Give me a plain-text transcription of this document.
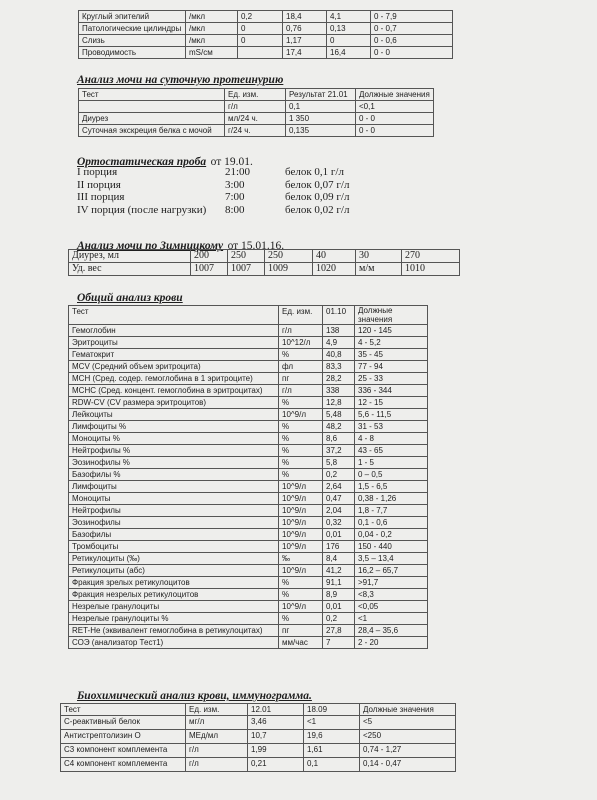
Круглый эпителий	/мкл	0,2	18,4	4,1	0 - 7,9
Патологические цилиндры	/мкл	0	0,76	0,13	0 - 0,7
Слизь	/мкл	0	1,17	0	0 - 0,6
Проводимость	mS/см		17,4	16,4	0 - 0
Анализ мочи на суточную протеинурию
Тест	Ед. изм.	Результат 21.01	Должные значения
	г/л	0,1	<0,1
Диурез	мл/24 ч.	1 350	0 - 0
Суточная экскреция белка с мочой	г/24 ч.	0,135	0 - 0
Ортостатическая проба от 19.01.
I порция	21:00	белок 0,1 г/л
II порция	3:00	белок 0,07 г/л
III порция	7:00	белок 0,09 г/л
IV порция (после нагрузки)	8:00	белок 0,02 г/л
Анализ мочи по Зимницкому от 15.01.16.
Диурез, мл	200	250	250	40	30	270
Уд. вес	1007	1007	1009	1020	м/м	1010
Общий анализ крови
Тест	Ед. изм.	01.10	Должные значения
Гемоглобин	г/л	138	120 - 145
Эритроциты	10^12/л	4,9	4 - 5,2
Гематокрит	%	40,8	35 - 45
MCV (Средний объем эритроцита)	фл	83,3	77 - 94
MCH (Сред. содер. гемоглобина в 1 эритроците)	пг	28,2	25 - 33
MCHC (Сред. концент. гемоглобина в эритроцитах)	г/л	338	336 - 344
RDW-CV (CV размера эритроцитов)	%	12,8	12 - 15
Лейкоциты	10^9/л	5,48	5,6 - 11,5
Лимфоциты %	%	48,2	31 - 53
Моноциты %	%	8,6	4 - 8
Нейтрофилы %	%	37,2	43 - 65
Эозинофилы %	%	5,8	1 - 5
Базофилы %	%	0,2	0 – 0,5
Лимфоциты	10^9/л	2,64	1,5 - 6,5
Моноциты	10^9/л	0,47	0,38 - 1,26
Нейтрофилы	10^9/л	2,04	1,8 - 7,7
Эозинофилы	10^9/л	0,32	0,1 - 0,6
Базофилы	10^9/л	0,01	0,04 - 0,2
Тромбоциты	10^9/л	176	150 - 440
Ретикулоциты (‰)	‰	8,4	3,5 – 13,4
Ретикулоциты (абс)	10^9/л	41,2	16,2 – 65,7
Фракция зрелых ретикулоцитов	%	91,1	>91,7
Фракция незрелых ретикулоцитов	%	8,9	<8,3
Незрелые гранулоциты	10^9/л	0,01	<0,05
Незрелые гранулоциты %	%	0,2	<1
RET-He (эквивалент гемоглобина в ретикулоцитах)	пг	27,8	28,4 – 35,6
СОЭ (анализатор Тест1)	мм/час	7	2 - 20
Биохимический анализ крови, иммунограмма.
Тест	Ед. изм.	12.01	18.09	Должные значения
С-реактивный белок	мг/л	3,46	<1	<5
Антистрептолизин О	МЕд/мл	10,7	19,6	<250
С3 компонент комплемента	г/л	1,99	1,61	0,74 - 1,27
С4 компонент комплемента	г/л	0,21	0,1	0,14 - 0,47
